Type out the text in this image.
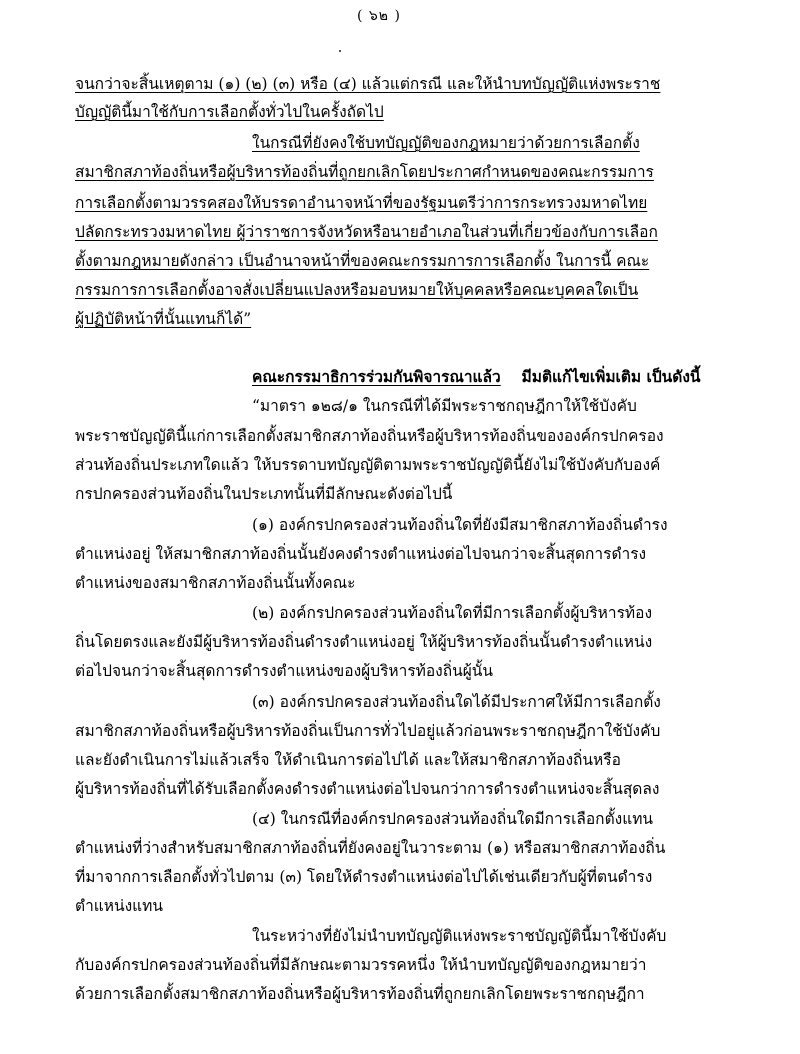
( ๖๒ )
จนกว่าจะสิ้นเหตุตาม (๑) (๒) (๓) หรือ (๔) แล้วแต่กรณี และให้นำบทบัญญัติแห่งพระราช
บัญญัตินี้มาใช้กับการเลือกตั้งทั่วไปในครั้งถัดไป
ในกรณีที่ยังคงใช้บทบัญญัติของกฎหมายว่าด้วยการเลือกตั้ง
สมาชิกสภาท้องถิ่นหรือผู้บริหารท้องถิ่นที่ถูกยกเลิกโดยประกาศกำหนดของคณะกรรมการ
การเลือกตั้งตามวรรคสองให้บรรดาอำนาจหน้าที่ของรัฐมนตรีว่าการกระทรวงมหาดไทย
ปลัดกระทรวงมหาดไทย ผู้ว่าราชการจังหวัดหรือนายอำเภอในส่วนที่เกี่ยวข้องกับการเลือก
ตั้งตามกฎหมายดังกล่าว เป็นอำนาจหน้าที่ของคณะกรรมการการเลือกตั้ง ในการนี้ คณะ
กรรมการการเลือกตั้งอาจสั่งเปลี่ยนแปลงหรือมอบหมายให้บุคคลหรือคณะบุคคลใดเป็น
ผู้ปฏิบัติหน้าที่นั้นแทนก็ได้”
คณะกรรมาธิการร่วมกันพิจารณาแล้ว มีมติแก้ไขเพิ่มเติม เป็นดังนี้
“มาตรา ๑๒๘/๑ ในกรณีที่ได้มีพระราชกฤษฎีกาให้ใช้บังคับ
พระราชบัญญัตินี้แก่การเลือกตั้งสมาชิกสภาท้องถิ่นหรือผู้บริหารท้องถิ่นขององค์กรปกครอง
ส่วนท้องถิ่นประเภทใดแล้ว ให้บรรดาบทบัญญัติตามพระราชบัญญัตินี้ยังไม่ใช้บังคับกับองค์
กรปกครองส่วนท้องถิ่นในประเภทนั้นที่มีลักษณะดังต่อไปนี้
(๑) องค์กรปกครองส่วนท้องถิ่นใดที่ยังมีสมาชิกสภาท้องถิ่นดำรง
ตำแหน่งอยู่ ให้สมาชิกสภาท้องถิ่นนั้นยังคงดำรงตำแหน่งต่อไปจนกว่าจะสิ้นสุดการดำรง
ตำแหน่งของสมาชิกสภาท้องถิ่นนั้นทั้งคณะ
(๒) องค์กรปกครองส่วนท้องถิ่นใดที่มีการเลือกตั้งผู้บริหารท้อง
ถิ่นโดยตรงและยังมีผู้บริหารท้องถิ่นดำรงตำแหน่งอยู่ ให้ผู้บริหารท้องถิ่นนั้นดำรงตำแหน่ง
ต่อไปจนกว่าจะสิ้นสุดการดำรงตำแหน่งของผู้บริหารท้องถิ่นผู้นั้น
(๓) องค์กรปกครองส่วนท้องถิ่นใดได้มีประกาศให้มีการเลือกตั้ง
สมาชิกสภาท้องถิ่นหรือผู้บริหารท้องถิ่นเป็นการทั่วไปอยู่แล้วก่อนพระราชกฤษฎีกาใช้บังคับ
และยังดำเนินการไม่แล้วเสร็จ ให้ดำเนินการต่อไปได้ และให้สมาชิกสภาท้องถิ่นหรือ
ผู้บริหารท้องถิ่นที่ได้รับเลือกตั้งคงดำรงตำแหน่งต่อไปจนกว่าการดำรงตำแหน่งจะสิ้นสุดลง
(๔) ในกรณีที่องค์กรปกครองส่วนท้องถิ่นใดมีการเลือกตั้งแทน
ตำแหน่งที่ว่างสำหรับสมาชิกสภาท้องถิ่นที่ยังคงอยู่ในวาระตาม (๑) หรือสมาชิกสภาท้องถิ่น
ที่มาจากการเลือกตั้งทั่วไปตาม (๓) โดยให้ดำรงตำแหน่งต่อไปได้เช่นเดียวกับผู้ที่ตนดำรง
ตำแหน่งแทน
ในระหว่างที่ยังไม่นำบทบัญญัติแห่งพระราชบัญญัตินี้มาใช้บังคับ
กับองค์กรปกครองส่วนท้องถิ่นที่มีลักษณะตามวรรคหนึ่ง ให้นำบทบัญญัติของกฎหมายว่า
ด้วยการเลือกตั้งสมาชิกสภาท้องถิ่นหรือผู้บริหารท้องถิ่นที่ถูกยกเลิกโดยพระราชกฤษฎีกา
